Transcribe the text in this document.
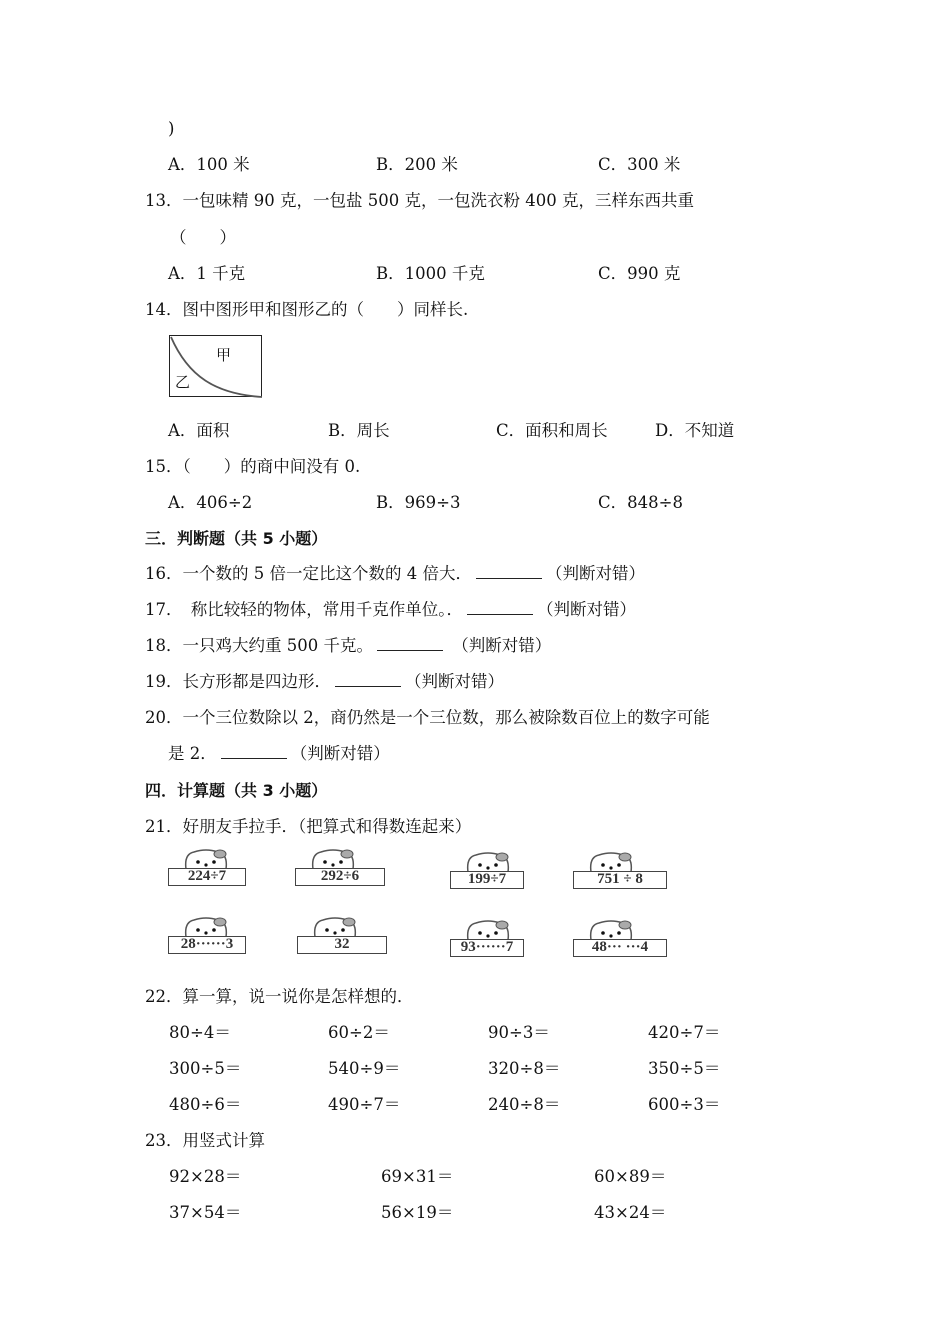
)
A．100 米	B．200 米	C．300 米
13．一包味精 90 克，一包盐 500 克，一包洗衣粉 400 克，三样东西共重
（　　）
A．1 千克	B．1000 千克	C．990 克
14．图中图形甲和图形乙的（　　）同样长.
甲
乙
A．面积	B．周长	C．面积和周长	D．不知道
15．（　　）的商中间没有 0.
A．406÷2	B．969÷3	C．848÷8
三．判断题（共 5 小题）
16．一个数的 5 倍一定比这个数的 4 倍大．	（判断对错）
17．　称比较轻的物体，常用千克作单位。．	（判断对错）
18．一只鸡大约重 500 千克。	（判断对错）
19．长方形都是四边形．	（判断对错）
20．一个三位数除以 2，商仍然是一个三位数，那么被除数百位上的数字可能
是 2．	（判断对错）
四．计算题（共 3 小题）
21．好朋友手拉手．（把算式和得数连起来）
224÷7	292÷6	199÷7	751 ÷ 8
28······3	32	93······7	48··· ···4
22．算一算，说一说你是怎样想的．
80÷4＝	60÷2＝	90÷3＝	420÷7＝
300÷5＝	540÷9＝	320÷8＝	350÷5＝
480÷6＝	490÷7＝	240÷8＝	600÷3＝
23．用竖式计算
92×28＝	69×31＝	60×89＝
37×54＝	56×19＝	43×24＝
